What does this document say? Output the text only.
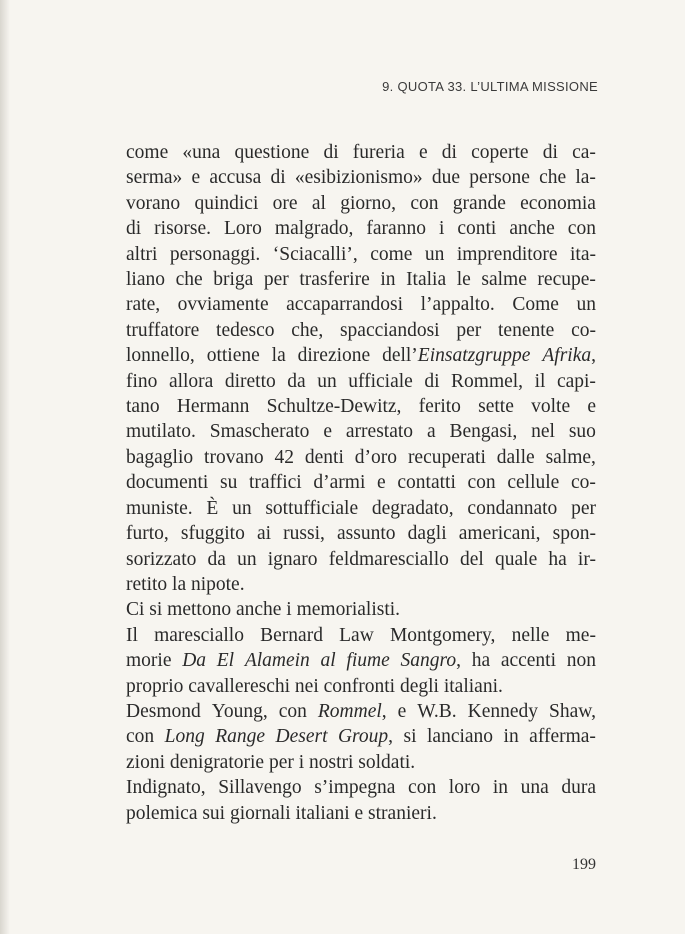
9. QUOTA 33. L’ULTIMA MISSIONE
come «una questione di fureria e di coperte di ca-
serma» e accusa di «esibizionismo» due persone che la-
vorano quindici ore al giorno, con grande economia
di risorse. Loro malgrado, faranno i conti anche con
altri personaggi. ‘Sciacalli’, come un imprenditore ita-
liano che briga per trasferire in Italia le salme recupe-
rate, ovviamente accaparrandosi l’appalto. Come un
truffatore tedesco che, spacciandosi per tenente co-
lonnello, ottiene la direzione dell’Einsatzgruppe Afrika,
fino allora diretto da un ufficiale di Rommel, il capi-
tano Hermann Schultze-Dewitz, ferito sette volte e
mutilato. Smascherato e arrestato a Bengasi, nel suo
bagaglio trovano 42 denti d’oro recuperati dalle salme,
documenti su traffici d’armi e contatti con cellule co-
muniste. È un sottufficiale degradato, condannato per
furto, sfuggito ai russi, assunto dagli americani, spon-
sorizzato da un ignaro feldmaresciallo del quale ha ir-
retito la nipote.
Ci si mettono anche i memorialisti.
Il maresciallo Bernard Law Montgomery, nelle me-
morie Da El Alamein al fiume Sangro, ha accenti non
proprio cavallereschi nei confronti degli italiani.
Desmond Young, con Rommel, e W.B. Kennedy Shaw,
con Long Range Desert Group, si lanciano in afferma-
zioni denigratorie per i nostri soldati.
Indignato, Sillavengo s’impegna con loro in una dura
polemica sui giornali italiani e stranieri.
199
